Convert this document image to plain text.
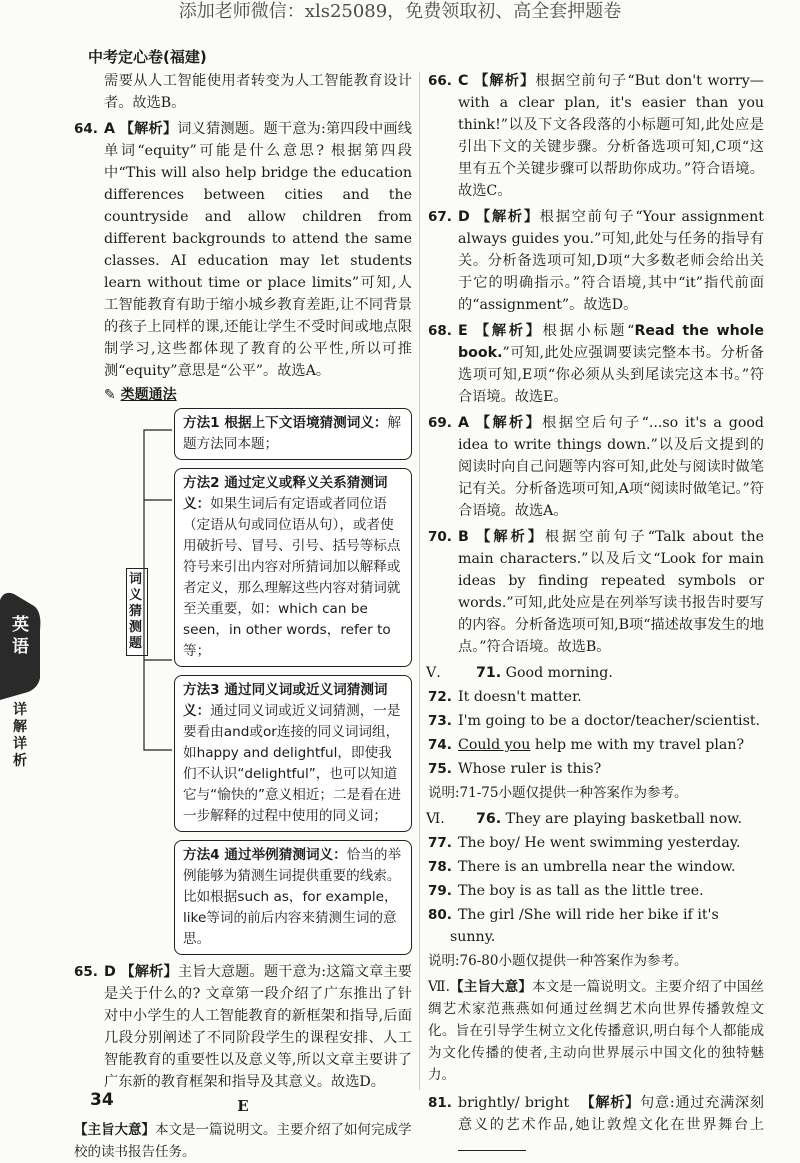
添加老师微信：xls25089，免费领取初、高全套押题卷
中考定心卷(福建)
英语
详解详析
需要从人工智能使用者转变为人工智能教育设计者。故选B。
64. A 【解析】词义猜测题。题干意为:第四段中画线单词“equity”可能是什么意思? 根据第四段中“This will also help bridge the education differences between cities and the countryside and allow children from different backgrounds to attend the same classes. AI education may let students learn without time or place limits”可知,人工智能教育有助于缩小城乡教育差距,让不同背景的孩子上同样的课,还能让学生不受时间或地点限制学习,这些都体现了教育的公平性,所以可推测“equity”意思是“公平”。故选A。
✎ 类题通法
词义猜测题
方法1 根据上下文语境猜测词义：解题方法同本题；
方法2 通过定义或释义关系猜测词义：如果生词后有定语或者同位语（定语从句或同位语从句），或者使用破折号、冒号、引号、括号等标点符号来引出内容对所猜词加以解释或者定义，那么理解这些内容对猜词就至关重要，如：which can be seen，in other words，refer to等；
方法3 通过同义词或近义词猜测词义：通过同义词或近义词猜测，一是要看由and或or连接的同义词词组，如happy and delightful，即使我们不认识“delightful”，也可以知道它与“愉快的”意义相近；二是看在进一步解释的过程中使用的同义词；
方法4 通过举例猜测词义：恰当的举例能够为猜测生词提供重要的线索。比如根据such as，for example，like等词的前后内容来猜测生词的意思。
65. D 【解析】主旨大意题。题干意为:这篇文章主要是关于什么的? 文章第一段介绍了广东推出了针对中小学生的人工智能教育的新框架和指导,后面几段分别阐述了不同阶段学生的课程安排、人工智能教育的重要性以及意义等,所以文章主要讲了广东新的教育框架和指导及其意义。故选D。
E
【主旨大意】本文是一篇说明文。主要介绍了如何完成学校的读书报告任务。
66. C 【解析】根据空前句子“But don't worry—with a clear plan, it's easier than you think!”以及下文各段落的小标题可知,此处应是引出下文的关键步骤。分析备选项可知,C项“这里有五个关键步骤可以帮助你成功。”符合语境。故选C。
67. D 【解析】根据空前句子“Your assignment always guides you.”可知,此处与任务的指导有关。分析备选项可知,D项“大多数老师会给出关于它的明确指示。”符合语境,其中“it”指代前面的“assignment”。故选D。
68. E 【解析】根据小标题“Read the whole book.”可知,此处应强调要读完整本书。分析备选项可知,E项“你必须从头到尾读完这本书。”符合语境。故选E。
69. A 【解析】根据空后句子“...so it's a good idea to write things down.”以及后文提到的阅读时向自己问题等内容可知,此处与阅读时做笔记有关。分析备选项可知,A项“阅读时做笔记。”符合语境。故选A。
70. B 【解析】根据空前句子“Talk about the main characters.”以及后文“Look for main ideas by finding repeated symbols or words.”可知,此处应是在列举写读书报告时要写的内容。分析备选项可知,B项“描述故事发生的地点。”符合语境。故选B。
Ⅴ. 71. Good morning.
72. It doesn't matter.
73. I'm going to be a doctor/teacher/scientist.
74. Could you help me with my travel plan?
75. Whose ruler is this?
说明:71-75小题仅提供一种答案作为参考。
Ⅵ. 76. They are playing basketball now.
77. The boy/ He went swimming yesterday.
78. There is an umbrella near the window.
79. The boy is as tall as the little tree.
80. The girl /She will ride her bike if it's sunny.
说明:76-80小题仅提供一种答案作为参考。
Ⅶ.【主旨大意】本文是一篇说明文。主要介绍了中国丝绸艺术家范燕燕如何通过丝绸艺术向世界传播敦煌文化。旨在引导学生树立文化传播意识,明白每个人都能成为文化传播的使者,主动向世界展示中国文化的独特魅力。
81. brightly/ bright 【解析】句意:通过充满深刻意义的艺术作品,她让敦煌文化在世界舞台上
34
